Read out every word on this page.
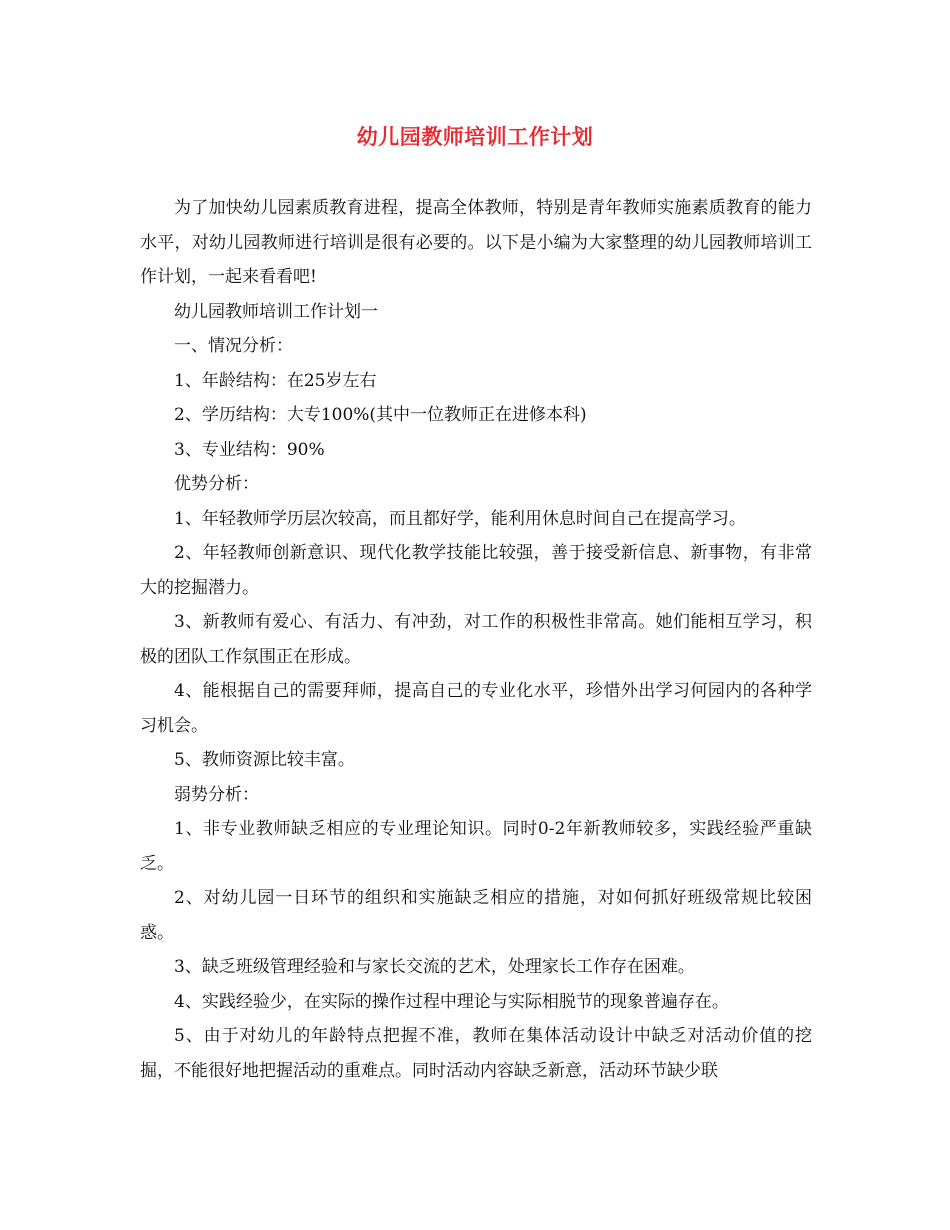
幼儿园教师培训工作计划

为了加快幼儿园素质教育进程，提高全体教师，特别是青年教师实施素质教育的能力水平，对幼儿园教师进行培训是很有必要的。以下是小编为大家整理的幼儿园教师培训工作计划，一起来看看吧!

幼儿园教师培训工作计划一

一、情况分析：

1、年龄结构：在25岁左右

2、学历结构：大专100%(其中一位教师正在进修本科)

3、专业结构：90%

优势分析：

1、年轻教师学历层次较高，而且都好学，能利用休息时间自己在提高学习。

2、年轻教师创新意识、现代化教学技能比较强，善于接受新信息、新事物，有非常大的挖掘潜力。

3、新教师有爱心、有活力、有冲劲，对工作的积极性非常高。她们能相互学习，积极的团队工作氛围正在形成。

4、能根据自己的需要拜师，提高自己的专业化水平，珍惜外出学习何园内的各种学习机会。

5、教师资源比较丰富。

弱势分析：

1、非专业教师缺乏相应的专业理论知识。同时0-2年新教师较多，实践经验严重缺乏。

2、对幼儿园一日环节的组织和实施缺乏相应的措施，对如何抓好班级常规比较困惑。

3、缺乏班级管理经验和与家长交流的艺术，处理家长工作存在困难。

4、实践经验少，在实际的操作过程中理论与实际相脱节的现象普遍存在。

5、由于对幼儿的年龄特点把握不准，教师在集体活动设计中缺乏对活动价值的挖掘，不能很好地把握活动的重难点。同时活动内容缺乏新意，活动环节缺少联
